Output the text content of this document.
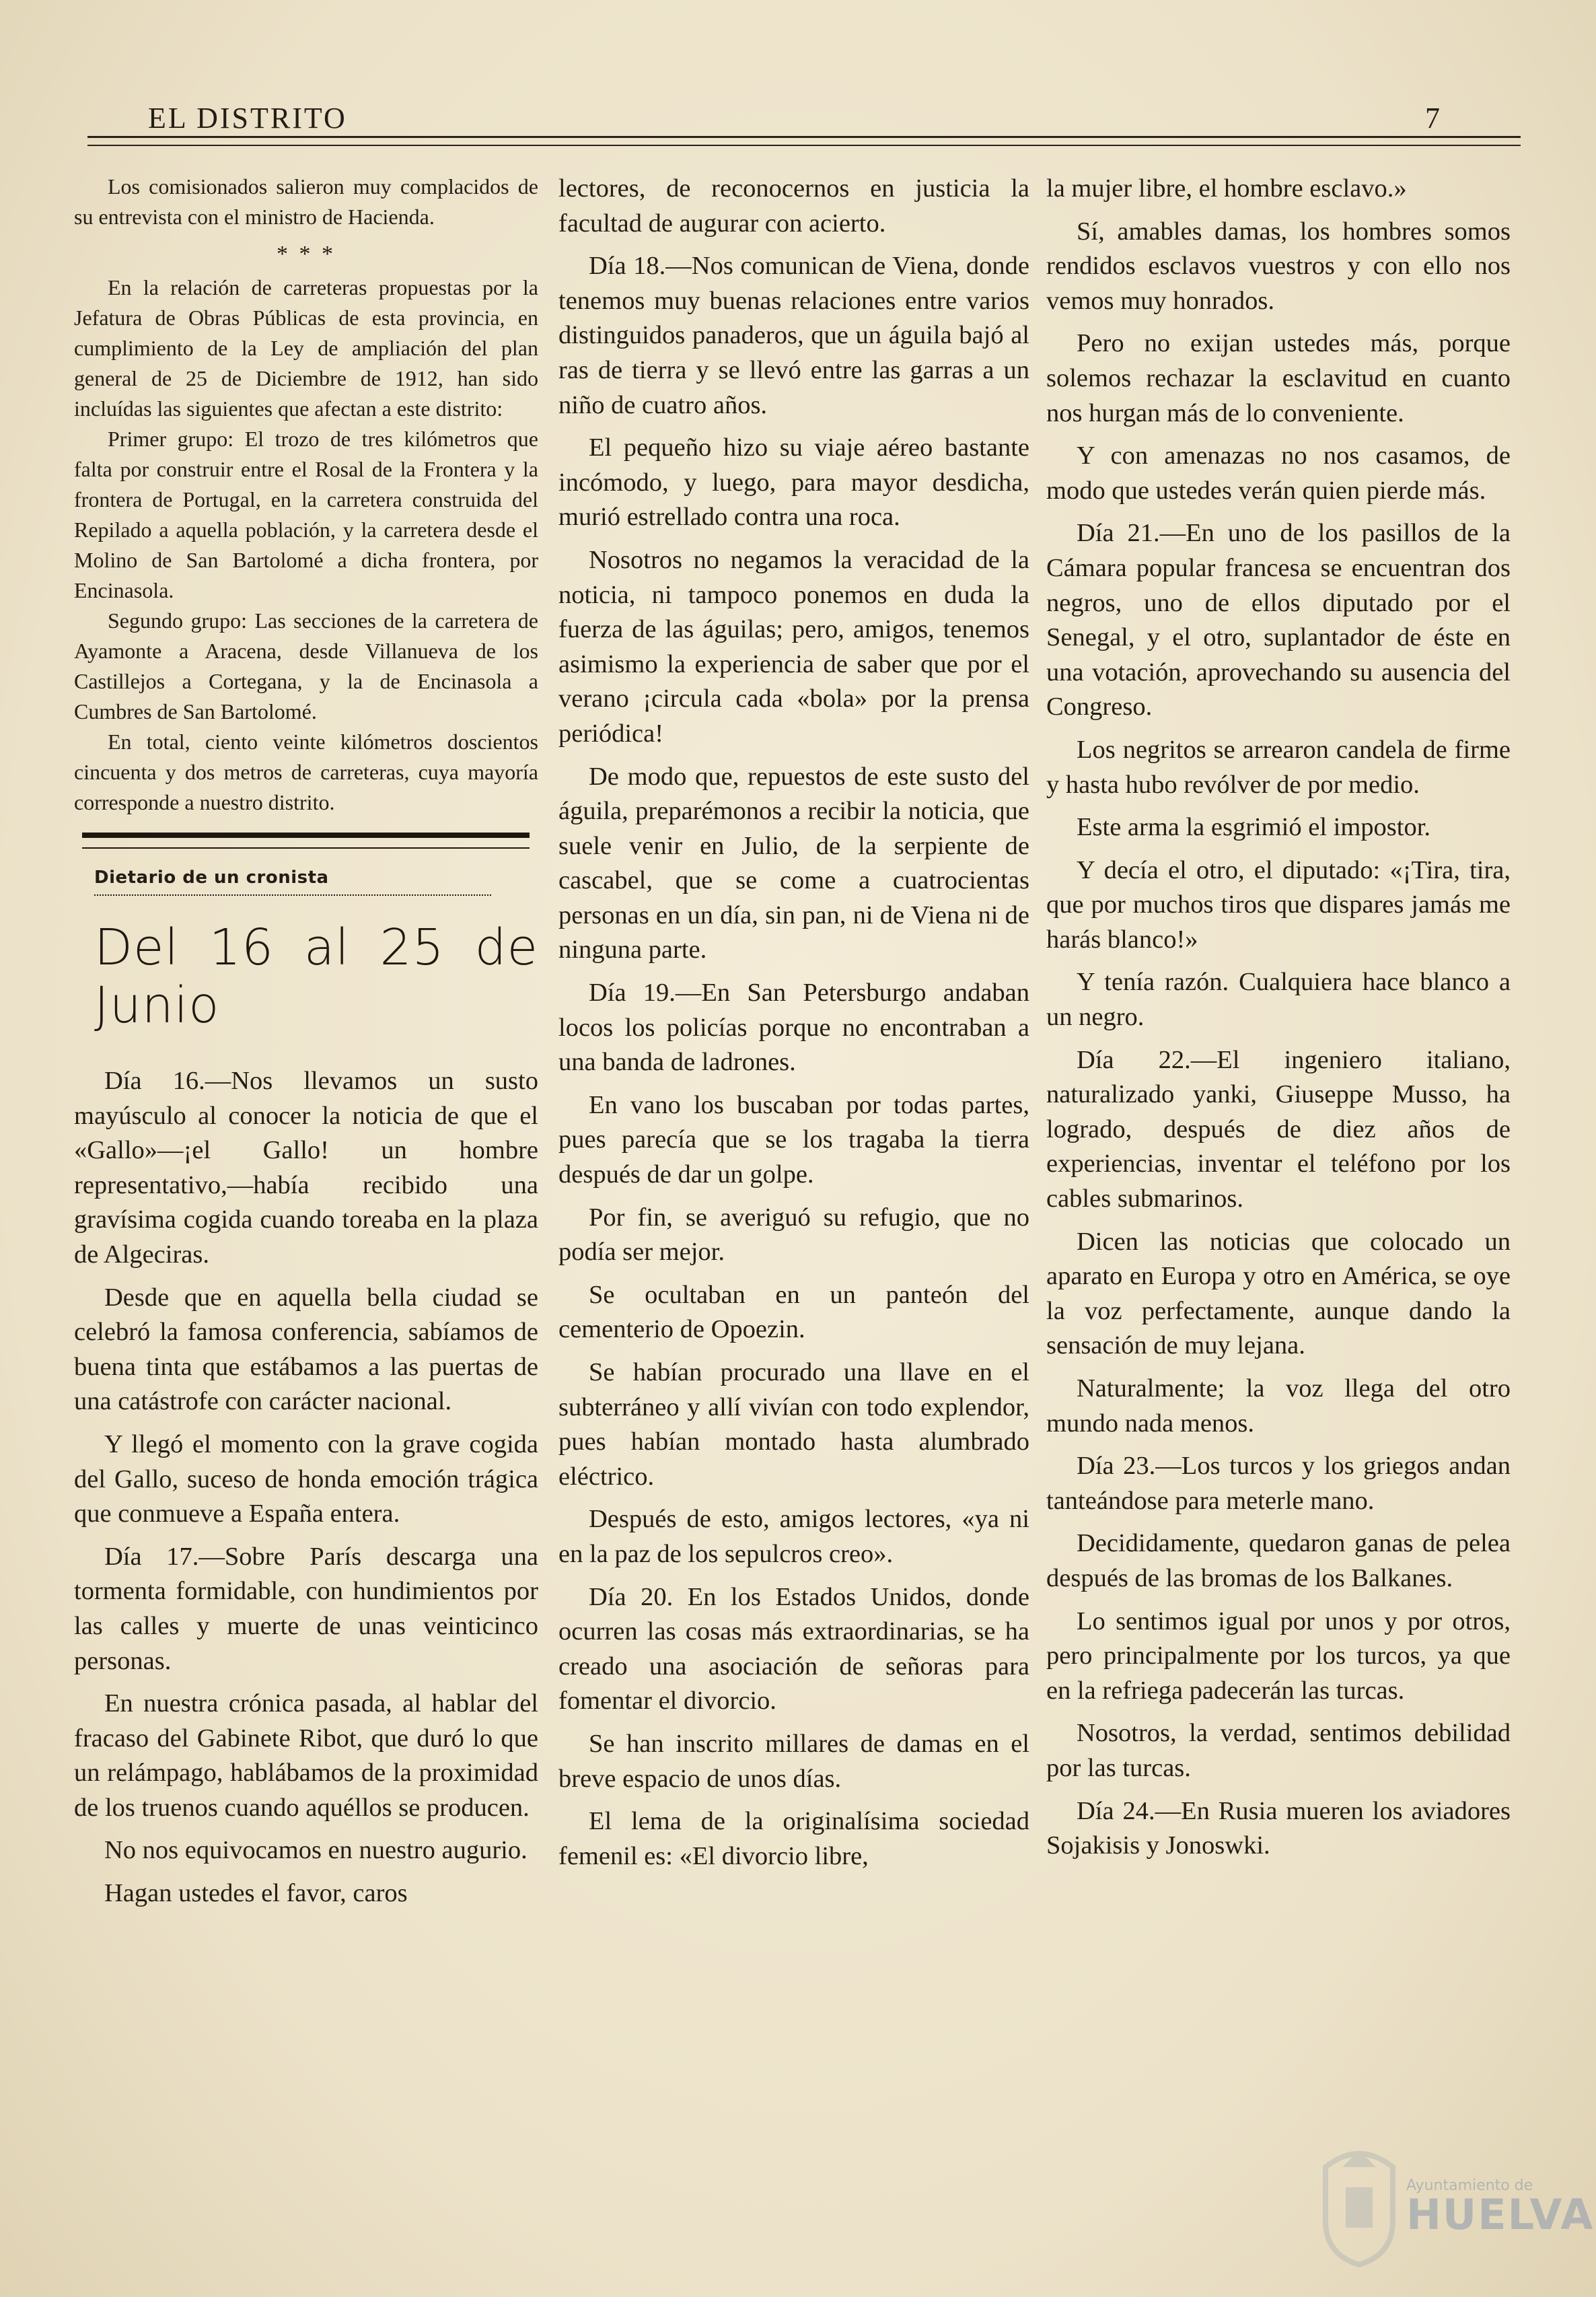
EL DISTRITO	7

Los comisionados salieron muy complacidos de su entrevista con el ministro de Hacienda.

* * *

En la relación de carreteras propuestas por la Jefatura de Obras Públicas de esta provincia, en cumplimiento de la Ley de ampliación del plan general de 25 de Diciembre de 1912, han sido incluídas las siguientes que afectan a este distrito:

Primer grupo: El trozo de tres kilómetros que falta por construir entre el Rosal de la Frontera y la frontera de Portugal, en la carretera construida del Repilado a aquella población, y la carretera desde el Molino de San Bartolomé a dicha frontera, por Encinasola.

Segundo grupo: Las secciones de la carretera de Ayamonte a Aracena, desde Villanueva de los Castillejos a Cortegana, y la de Encinasola a Cumbres de San Bartolomé.

En total, ciento veinte kilómetros doscientos cincuenta y dos metros de carreteras, cuya mayoría corresponde a nuestro distrito.

Dietario de un cronista
Del 16 al 25 de Junio

Día 16.—Nos llevamos un susto mayúsculo al conocer la noticia de que el «Gallo»—¡el Gallo! un hombre representativo,—había recibido una gravísima cogida cuando toreaba en la plaza de Algeciras.

Desde que en aquella bella ciudad se celebró la famosa conferencia, sabíamos de buena tinta que estábamos a las puertas de una catástrofe con carácter nacional.

Y llegó el momento con la grave cogida del Gallo, suceso de honda emoción trágica que conmueve a España entera.

Día 17.—Sobre París descarga una tormenta formidable, con hundimientos por las calles y muerte de unas veinticinco personas.

En nuestra crónica pasada, al hablar del fracaso del Gabinete Ribot, que duró lo que un relámpago, hablábamos de la proximidad de los truenos cuando aquéllos se producen.

No nos equivocamos en nuestro augurio.

Hagan ustedes el favor, caros

lectores, de reconocernos en justicia la facultad de augurar con acierto.

Día 18.—Nos comunican de Viena, donde tenemos muy buenas relaciones entre varios distinguidos panaderos, que un águila bajó al ras de tierra y se llevó entre las garras a un niño de cuatro años.

El pequeño hizo su viaje aéreo bastante incómodo, y luego, para mayor desdicha, murió estrellado contra una roca.

Nosotros no negamos la veracidad de la noticia, ni tampoco ponemos en duda la fuerza de las águilas; pero, amigos, tenemos asimismo la experiencia de saber que por el verano ¡circula cada «bola» por la prensa periódica!

De modo que, repuestos de este susto del águila, preparémonos a recibir la noticia, que suele venir en Julio, de la serpiente de cascabel, que se come a cuatrocientas personas en un día, sin pan, ni de Viena ni de ninguna parte.

Día 19.—En San Petersburgo andaban locos los policías porque no encontraban a una banda de ladrones.

En vano los buscaban por todas partes, pues parecía que se los tragaba la tierra después de dar un golpe.

Por fin, se averiguó su refugio, que no podía ser mejor.

Se ocultaban en un panteón del cementerio de Opoezin.

Se habían procurado una llave en el subterráneo y allí vivían con todo explendor, pues habían montado hasta alumbrado eléctrico.

Después de esto, amigos lectores, «ya ni en la paz de los sepulcros creo».

Día 20. En los Estados Unidos, donde ocurren las cosas más extraordinarias, se ha creado una asociación de señoras para fomentar el divorcio.

Se han inscrito millares de damas en el breve espacio de unos días.

El lema de la originalísima sociedad femenil es: «El divorcio libre,

la mujer libre, el hombre esclavo.»

Sí, amables damas, los hombres somos rendidos esclavos vuestros y con ello nos vemos muy honrados.

Pero no exijan ustedes más, porque solemos rechazar la esclavitud en cuanto nos hurgan más de lo conveniente.

Y con amenazas no nos casamos, de modo que ustedes verán quien pierde más.

Día 21.—En uno de los pasillos de la Cámara popular francesa se encuentran dos negros, uno de ellos diputado por el Senegal, y el otro, suplantador de éste en una votación, aprovechando su ausencia del Congreso.

Los negritos se arrearon candela de firme y hasta hubo revólver de por medio.

Este arma la esgrimió el impostor.

Y decía el otro, el diputado: «¡Tira, tira, que por muchos tiros que dispares jamás me harás blanco!»

Y tenía razón. Cualquiera hace blanco a un negro.

Día 22.—El ingeniero italiano, naturalizado yanki, Giuseppe Musso, ha logrado, después de diez años de experiencias, inventar el teléfono por los cables submarinos.

Dicen las noticias que colocado un aparato en Europa y otro en América, se oye la voz perfectamente, aunque dando la sensación de muy lejana.

Naturalmente; la voz llega del otro mundo nada menos.

Día 23.—Los turcos y los griegos andan tanteándose para meterle mano.

Decididamente, quedaron ganas de pelea después de las bromas de los Balkanes.

Lo sentimos igual por unos y por otros, pero principalmente por los turcos, ya que en la refriega padecerán las turcas.

Nosotros, la verdad, sentimos debilidad por las turcas.

Día 24.—En Rusia mueren los aviadores Sojakisis y Jonoswki.

Ayuntamiento de
HUELVA
